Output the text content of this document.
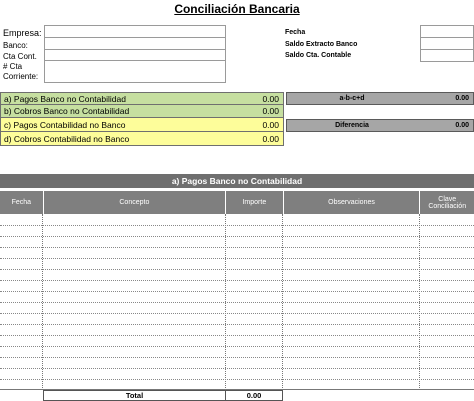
Conciliación Bancaria
Empresa:
Banco:
Cta Cont.
# Cta
Corriente:
Fecha
Saldo Extracto Banco
Saldo Cta. Contable
a) Pagos Banco no Contabilidad	0.00
b) Cobros Banco no Contabilidad	0.00
c) Pagos Contabilidad no Banco	0.00
d) Cobros Contabilidad no Banco	0.00
a-b-c+d	0.00
Diferencia	0.00
a) Pagos Banco no Contabilidad
Fecha	Concepto	Importe	Observaciones	Clave Conciliación
Total	0.00
